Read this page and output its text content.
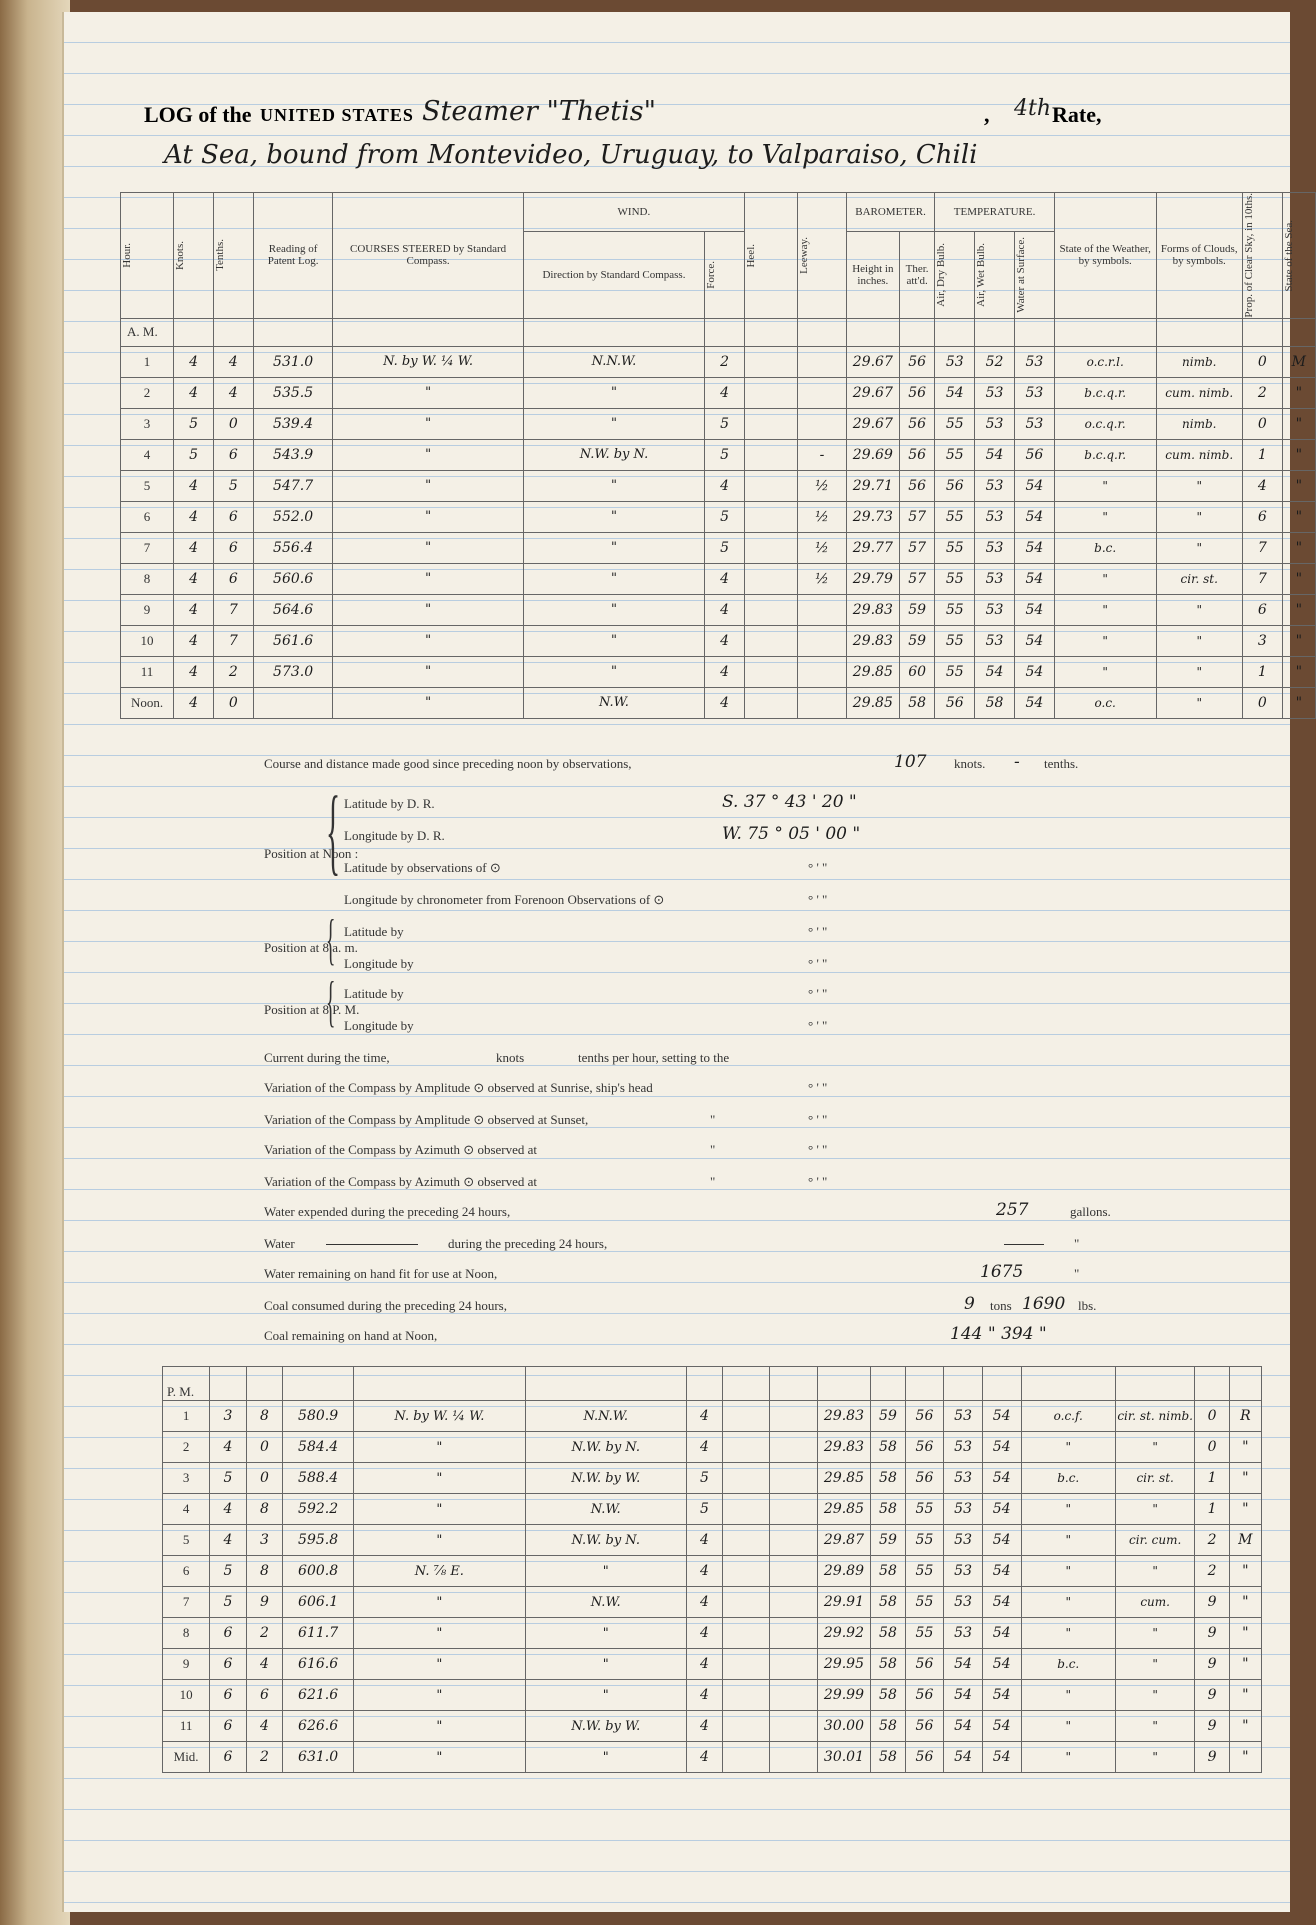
LOG of the UNITED STATES Steamer "Thetis"	, 4th Rate,
At Sea, bound from Montevideo, Uruguay, to Valparaiso, Chili
Hour.	Knots.	Tenths.	Reading of Patent Log.	COURSES STEERED by Standard Compass.	WIND.		Heel.	Leeway.	BAROMETER.		TEMPERATURE.			State of the Weather, by symbols.	Forms of Clouds, by symbols.	Prop. of Clear Sky, in 10ths.	State of the Sea.

					Direction by Standard Compass.	Force.			Height in inches.	Ther. att'd.	Air, Dry Bulb.	Air, Wet Bulb.	Water at Surface.				

A. M.																	
1	4	4	531.0	N. by W. ¼ W.	N.N.W.	2			29.67	56	53	52	53	o.c.r.l.	nimb.	0	M
2	4	4	535.5	"	"	4			29.67	56	54	53	53	b.c.q.r.	cum. nimb.	2	"
3	5	0	539.4	"	"	5			29.67	56	55	53	53	o.c.q.r.	nimb.	0	"
4	5	6	543.9	"	N.W. by N.	5		-	29.69	56	55	54	56	b.c.q.r.	cum. nimb.	1	"
5	4	5	547.7	"	"	4		½	29.71	56	56	53	54	"	"	4	"
6	4	6	552.0	"	"	5		½	29.73	57	55	53	54	"	"	6	"
7	4	6	556.4	"	"	5		½	29.77	57	55	53	54	b.c.	"	7	"
8	4	6	560.6	"	"	4		½	29.79	57	55	53	54	"	cir. st.	7	"
9	4	7	564.6	"	"	4			29.83	59	55	53	54	"	"	6	"
10	4	7	561.6	"	"	4			29.83	59	55	53	54	"	"	3	"
11	4	2	573.0	"	"	4			29.85	60	55	54	54	"	"	1	"
Noon.	4	0		"	N.W.	4			29.85	58	56	58	54	o.c.	"	0	"
Course and distance made good since preceding noon by observations,	107 knots. - tenths.
Position at Noon :
{ Latitude by D. R.	S. 37 ° 43 ' 20 "
Longitude by D. R.	W. 75 ° 05 ' 00 "
Latitude by observations of ⊙	° ' "
Longitude by chronometer from Forenoon Observations of ⊙	° ' "
Position at 8 a. m.
{ Latitude by	° ' "
Longitude by	° ' "
Position at 8 P. M.
{ Latitude by	° ' "
Longitude by	° ' "
Current during the time,	knots	tenths per hour, setting to the
Variation of the Compass by Amplitude ⊙ observed at Sunrise, ship's head	° ' "
Variation of the Compass by Amplitude ⊙ observed at Sunset,	"	° ' "
Variation of the Compass by Azimuth ⊙ observed at	"	° ' "
Variation of the Compass by Azimuth ⊙ observed at	"	° ' "
Water expended during the preceding 24 hours,	257	gallons.
Water	during the preceding 24 hours,	"
Water remaining on hand fit for use at Noon,	1675	"
Coal consumed during the preceding 24 hours,	9 tons 1690 lbs.
Coal remaining on hand at Noon,	144 " 394 "
P. M.																	
1	3	8	580.9	N. by W. ¼ W.	N.N.W.	4			29.83	59	56	53	54	o.c.f.	cir. st. nimb.	0	R
2	4	0	584.4	"	N.W. by N.	4			29.83	58	56	53	54	"	"	0	"
3	5	0	588.4	"	N.W. by W.	5			29.85	58	56	53	54	b.c.	cir. st.	1	"
4	4	8	592.2	"	N.W.	5			29.85	58	55	53	54	"	"	1	"
5	4	3	595.8	"	N.W. by N.	4			29.87	59	55	53	54	"	cir. cum.	2	M
6	5	8	600.8	N. ⅞ E.	"	4			29.89	58	55	53	54	"	"	2	"
7	5	9	606.1	"	N.W.	4			29.91	58	55	53	54	"	cum.	9	"
8	6	2	611.7	"	"	4			29.92	58	55	53	54	"	"	9	"
9	6	4	616.6	"	"	4			29.95	58	56	54	54	b.c.	"	9	"
10	6	6	621.6	"	"	4			29.99	58	56	54	54	"	"	9	"
11	6	4	626.6	"	N.W. by W.	4			30.00	58	56	54	54	"	"	9	"
Mid.	6	2	631.0	"	"	4			30.01	58	56	54	54	"	"	9	"
